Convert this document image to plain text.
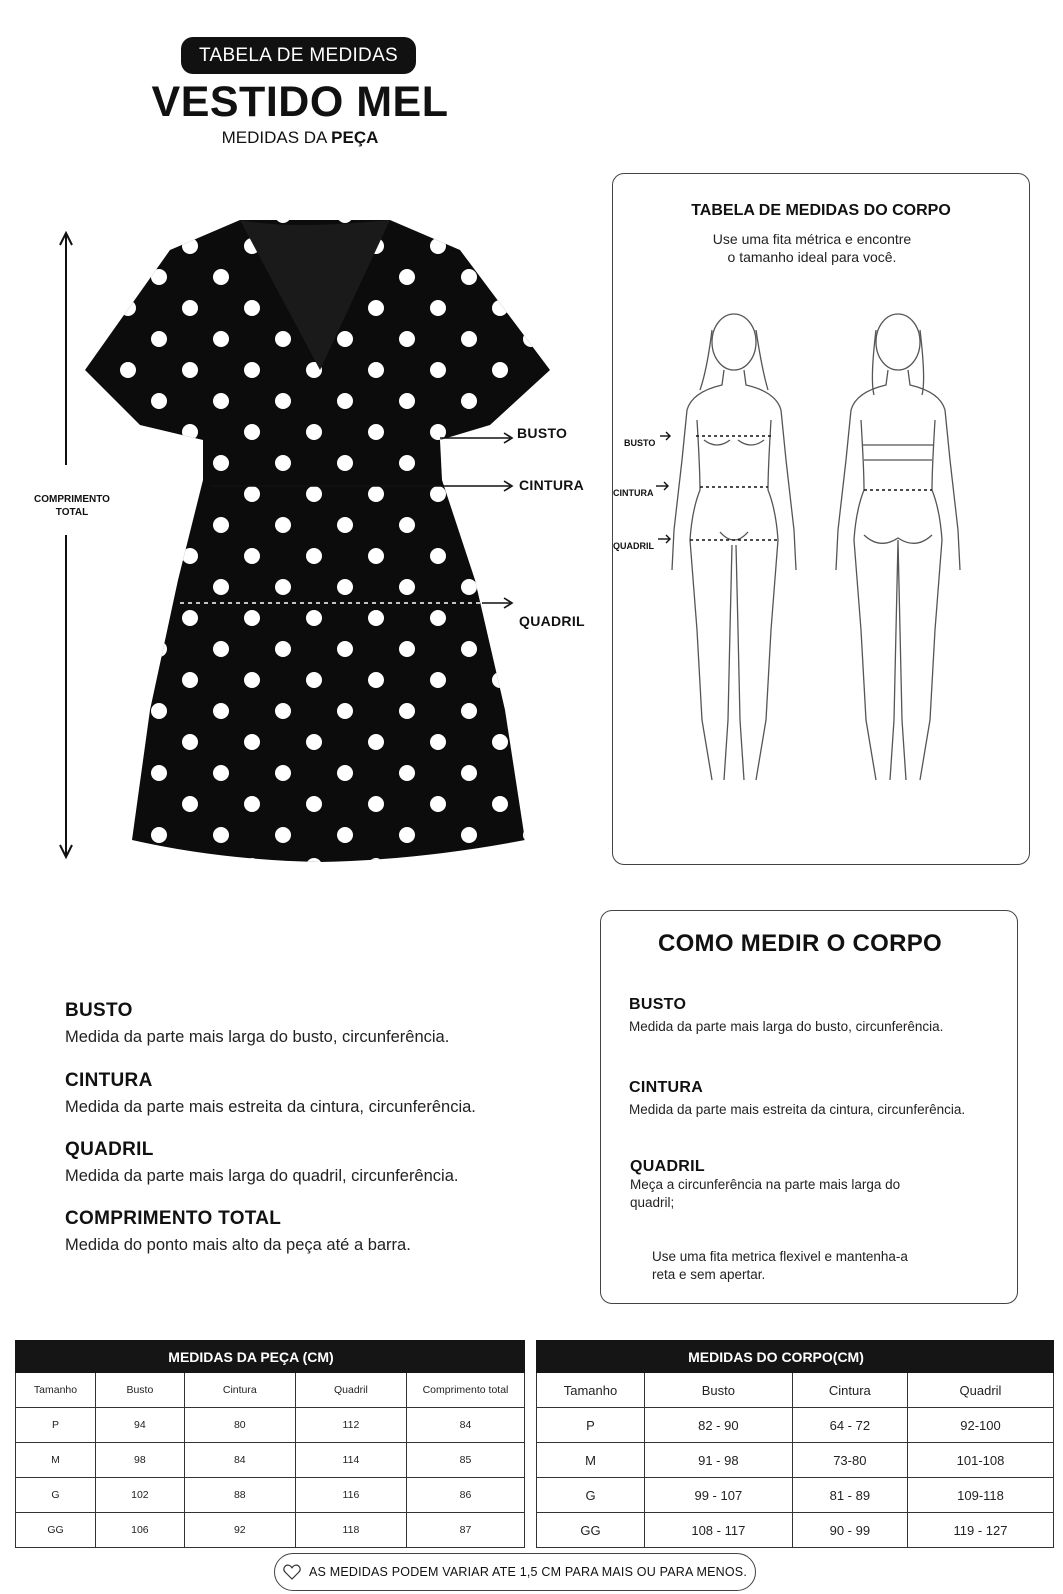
TABELA DE MEDIDAS
VESTIDO MEL
MEDIDAS DA PEÇA
COMPRIMENTO
TOTAL
BUSTO
CINTURA
QUADRIL
TABELA DE MEDIDAS DO CORPO
Use uma fita métrica e encontre
o tamanho ideal para você.
BUSTO
CINTURA
QUADRIL
BUSTO
Medida da parte mais larga do busto, circunferência.
CINTURA
Medida da parte mais estreita da cintura, circunferência.
QUADRIL
Medida da parte mais larga do quadril, circunferência.
COMPRIMENTO TOTAL
Medida do ponto mais alto da peça até a barra.
COMO MEDIR O CORPO
BUSTO
Medida da parte mais larga do busto, circunferência.
CINTURA
Medida da parte mais estreita da cintura, circunferência.
QUADRIL
Meça a circunferência na parte mais larga do
quadril;
Use uma fita metrica flexivel e mantenha-a
reta e sem apertar.
	MEDIDAS DA PEÇA (CM)			
Tamanho	Busto	Cintura	Quadril	Comprimento total
P	94	80	112	84
M	98	84	114	85
G	102	88	116	86
GG	106	92	118	87
	MEDIDAS DO CORPO(CM)		
Tamanho	Busto	Cintura	Quadril
P	82 - 90	64 - 72	92-100
M	91 - 98	73-80	101-108
G	99 - 107	81 - 89	109-118
GG	108 - 117	90 - 99	119 - 127
AS MEDIDAS PODEM VARIAR ATE 1,5 CM PARA MAIS OU PARA MENOS.
